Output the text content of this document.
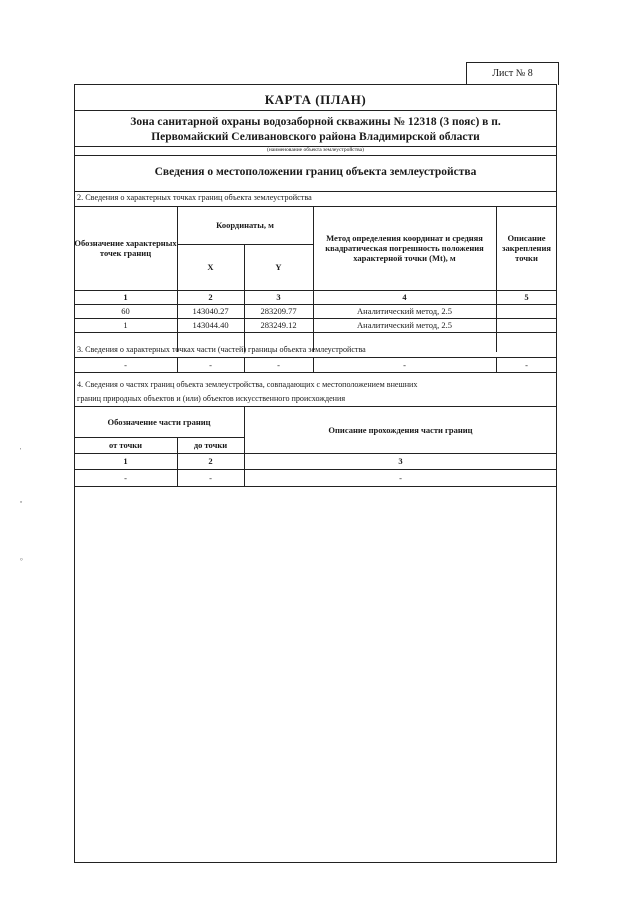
Лист № 8
КАРТА (ПЛАН)
Зона санитарной охраны водозаборной скважины № 12318 (3 пояс) в п.
Первомайский Селивановского района Владимирской области
(наименование объекта землеустройства)
Сведения о местоположении границ объекта землеустройства
2. Сведения о характерных точках границ объекта землеустройства
Обозначение характерных точек границ
Координаты, м
X	Y
Метод определения координат и средняя квадратическая погрешность положения характерной точки (Mt), м
Описание закрепления точки
1	2	3	4	5
60	143040.27	283209.77	Аналитический метод, 2.5
1	143044.40	283249.12	Аналитический метод, 2.5
3. Сведения о характерных точках части (частей) границы объекта землеустройства
-	-	-	-	-
4. Сведения о частях границ объекта землеустройства, совпадающих с местоположением внешних
границ природных объектов и (или) объектов искусственного происхождения
Обозначение части границ
от точки	до точки
Описание прохождения части границ
1	2	3
-	-	-
'
º
°
